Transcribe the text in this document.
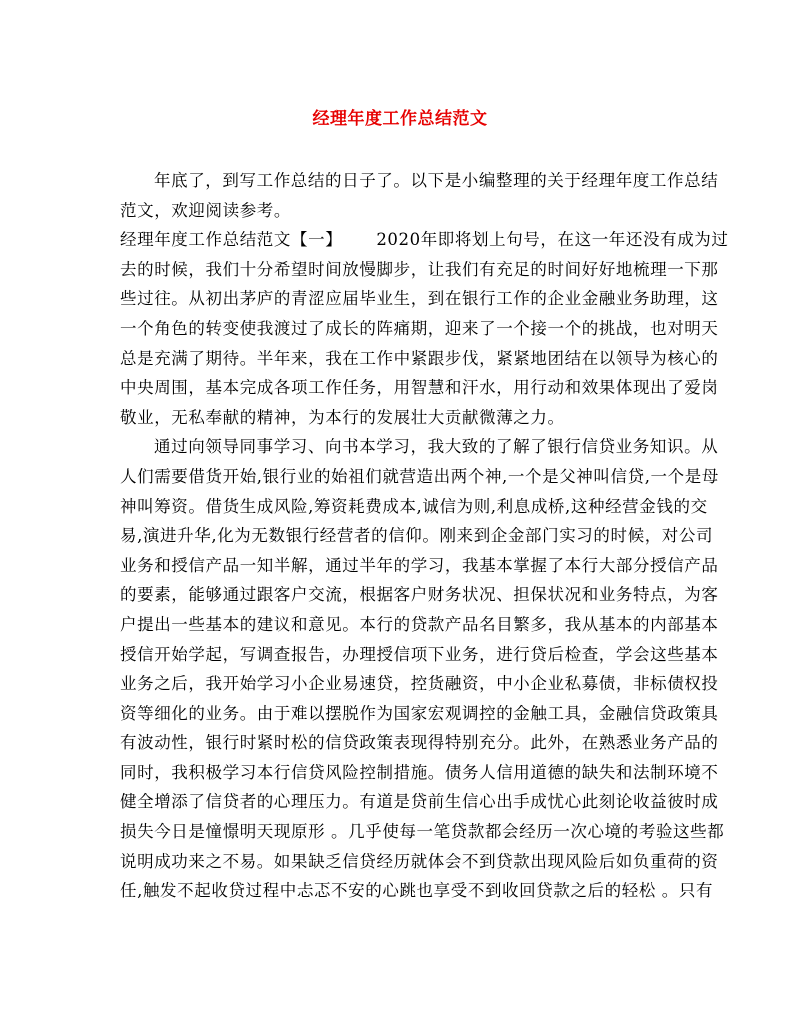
经理年度工作总结范文
年底了，到写工作总结的日子了。以下是小编整理的关于经理年度工作总结
范文，欢迎阅读参考。
经理年度工作总结范文【一】 2020年即将划上句号，在这一年还没有成为过
去的时候，我们十分希望时间放慢脚步，让我们有充足的时间好好地梳理一下那
些过往。从初出茅庐的青涩应届毕业生，到在银行工作的企业金融业务助理，这
一个角色的转变使我渡过了成长的阵痛期，迎来了一个接一个的挑战，也对明天
总是充满了期待。半年来，我在工作中紧跟步伐，紧紧地团结在以领导为核心的
中央周围，基本完成各项工作任务，用智慧和汗水，用行动和效果体现出了爱岗
敬业，无私奉献的精神，为本行的发展壮大贡献微薄之力。
通过向领导同事学习、向书本学习，我大致的了解了银行信贷业务知识。从
人们需要借货开始,银行业的始祖们就营造出两个神,一个是父神叫信贷,一个是母
神叫筹资。借货生成风险,筹资耗费成本,诚信为则,利息成桥,这种经营金钱的交
易,演进升华,化为无数银行经营者的信仰。刚来到企金部门实习的时候，对公司
业务和授信产品一知半解，通过半年的学习，我基本掌握了本行大部分授信产品
的要素，能够通过跟客户交流，根据客户财务状况、担保状况和业务特点，为客
户提出一些基本的建议和意见。本行的贷款产品名目繁多，我从基本的内部基本
授信开始学起，写调查报告，办理授信项下业务，进行贷后检查，学会这些基本
业务之后，我开始学习小企业易速贷，控货融资，中小企业私募债，非标债权投
资等细化的业务。由于难以摆脱作为国家宏观调控的金触工具，金融信贷政策具
有波动性，银行时紧时松的信贷政策表现得特别充分。此外，在熟悉业务产品的
同时，我积极学习本行信贷风险控制措施。债务人信用道德的缺失和法制环境不
健全增添了信贷者的心理压力。有道是贷前生信心出手成忧心此刻论收益彼时成
损失今日是憧憬明天现原形 。几乎使每一笔贷款都会经历一次心境的考验这些都
说明成功来之不易。如果缺乏信贷经历就体会不到贷款出现风险后如负重荷的资
任,触发不起收贷过程中忐忑不安的心跳也享受不到收回贷款之后的轻松 。只有
